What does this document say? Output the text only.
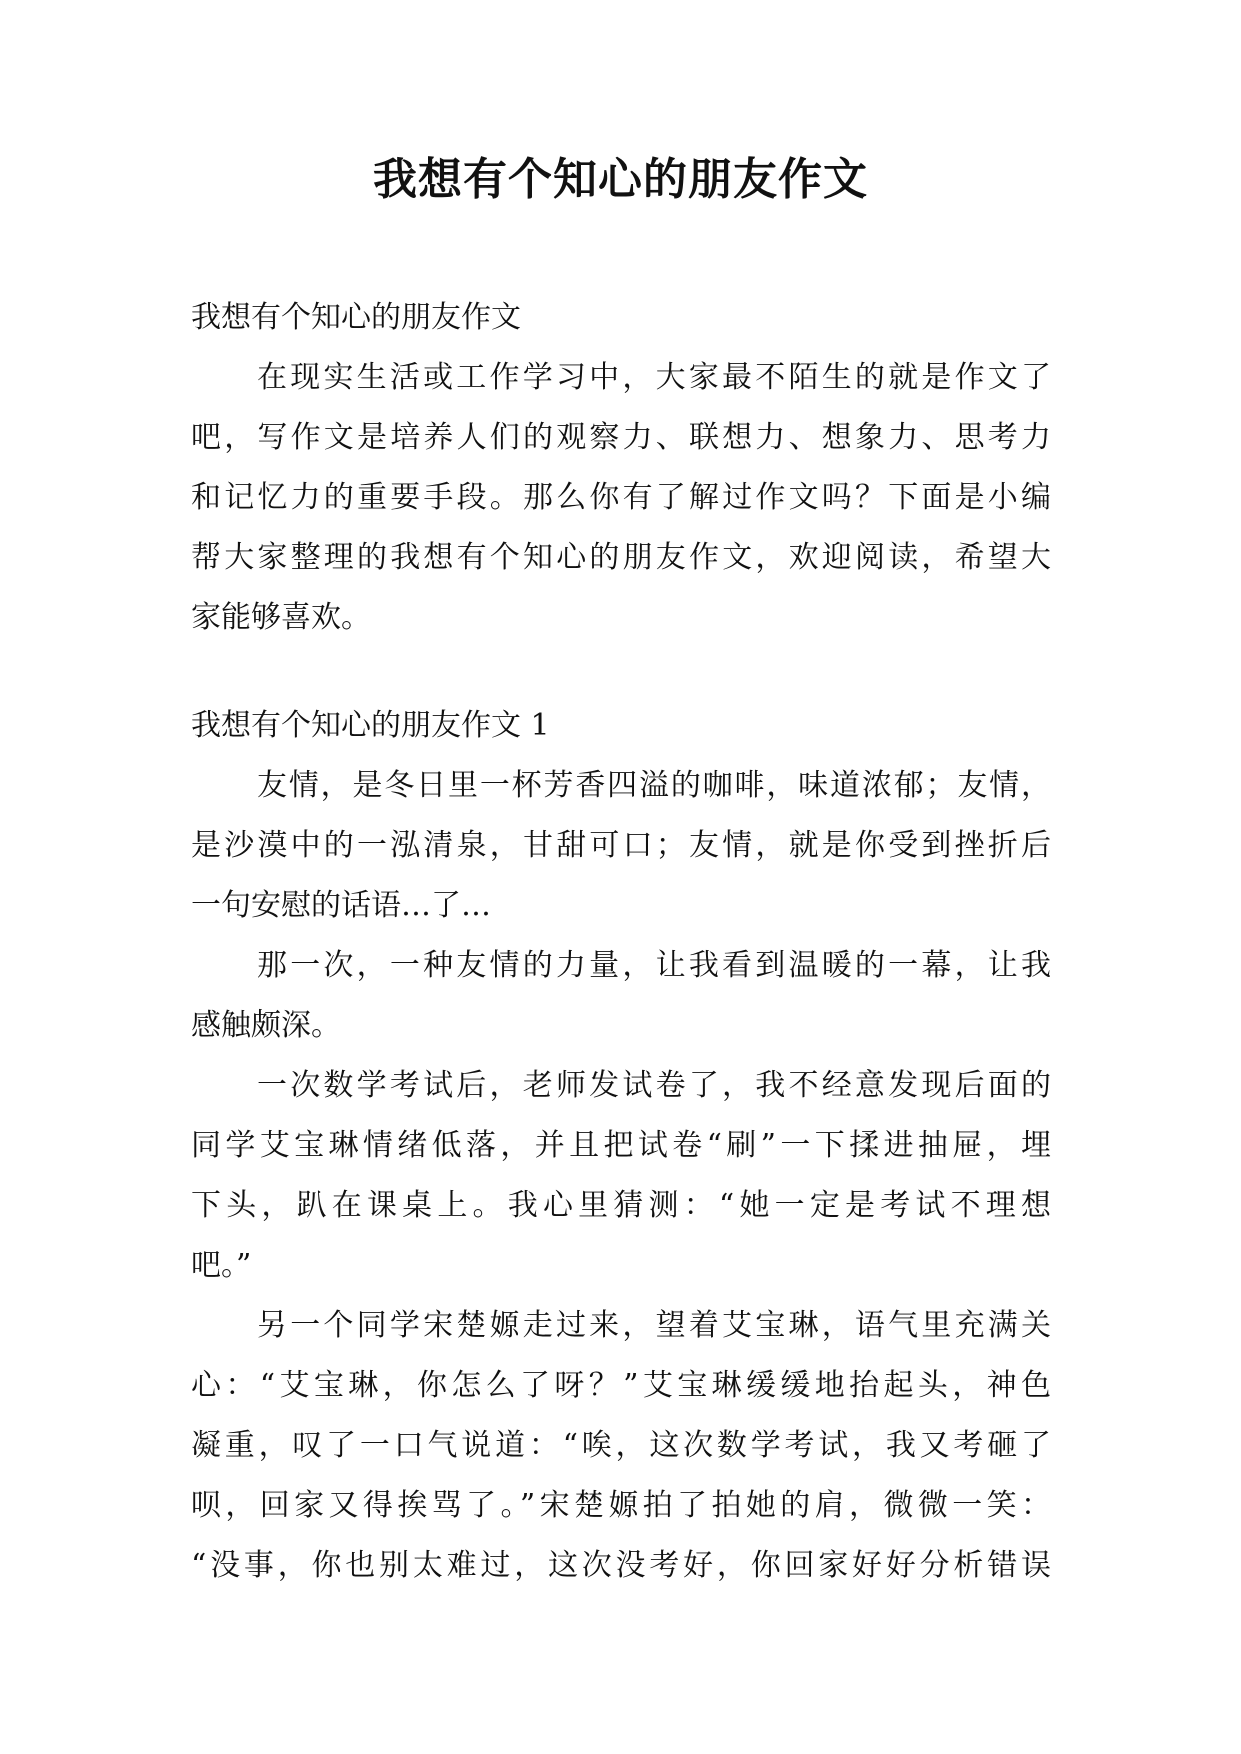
我想有个知心的朋友作文
我想有个知心的朋友作文
在现实生活或工作学习中，大家最不陌生的就是作文了
吧，写作文是培养人们的观察力、联想力、想象力、思考力
和记忆力的重要手段。那么你有了解过作文吗？下面是小编
帮大家整理的我想有个知心的朋友作文，欢迎阅读，希望大
家能够喜欢。
我想有个知心的朋友作文 1
友情，是冬日里一杯芳香四溢的咖啡，味道浓郁；友情，
是沙漠中的一泓清泉，甘甜可口；友情，就是你受到挫折后
一句安慰的话语…了…
那一次，一种友情的力量，让我看到温暖的一幕，让我
感触颇深。
一次数学考试后，老师发试卷了，我不经意发现后面的
同学艾宝琳情绪低落，并且把试卷“刷”一下揉进抽屉，埋
下头，趴在课桌上。我心里猜测：“她一定是考试不理想
吧。”
另一个同学宋楚嫄走过来，望着艾宝琳，语气里充满关
心：“艾宝琳，你怎么了呀？”艾宝琳缓缓地抬起头，神色
凝重，叹了一口气说道：“唉，这次数学考试，我又考砸了
呗，回家又得挨骂了。”宋楚嫄拍了拍她的肩，微微一笑：
“没事，你也别太难过，这次没考好，你回家好好分析错误
